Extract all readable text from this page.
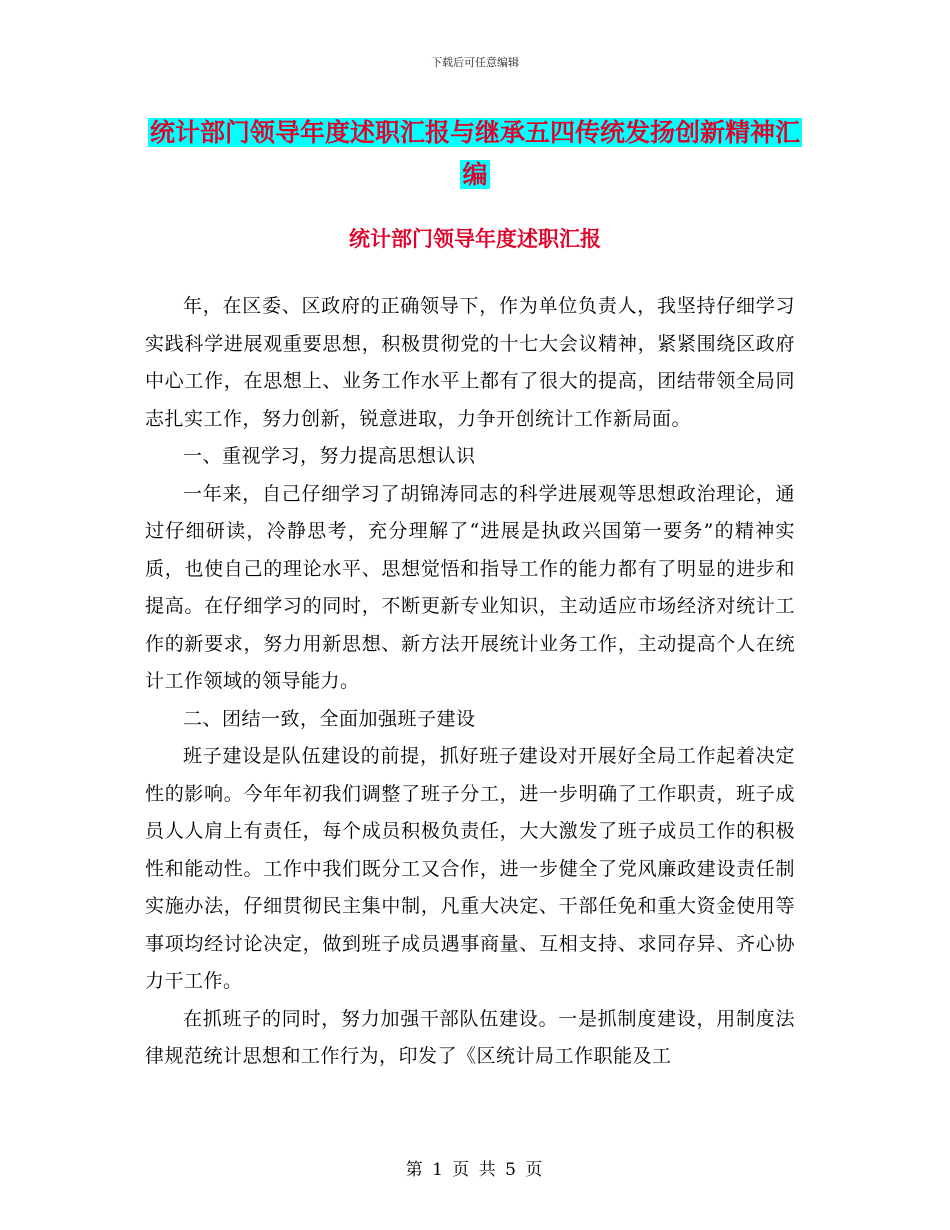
下载后可任意编辑
统计部门领导年度述职汇报与继承五四传统发扬创新精神汇编
统计部门领导年度述职汇报

年，在区委、区政府的正确领导下，作为单位负责人，我坚持仔细学习实践科学进展观重要思想，积极贯彻党的十七大会议精神，紧紧围绕区政府中心工作，在思想上、业务工作水平上都有了很大的提高，团结带领全局同志扎实工作，努力创新，锐意进取，力争开创统计工作新局面。

一、重视学习，努力提高思想认识

一年来，自己仔细学习了胡锦涛同志的科学进展观等思想政治理论，通过仔细研读，冷静思考，充分理解了“进展是执政兴国第一要务”的精神实质，也使自己的理论水平、思想觉悟和指导工作的能力都有了明显的进步和提高。在仔细学习的同时，不断更新专业知识，主动适应市场经济对统计工作的新要求，努力用新思想、新方法开展统计业务工作，主动提高个人在统计工作领域的领导能力。

二、团结一致，全面加强班子建设

班子建设是队伍建设的前提，抓好班子建设对开展好全局工作起着决定性的影响。今年年初我们调整了班子分工，进一步明确了工作职责，班子成员人人肩上有责任，每个成员积极负责任，大大激发了班子成员工作的积极性和能动性。工作中我们既分工又合作，进一步健全了党风廉政建设责任制实施办法，仔细贯彻民主集中制，凡重大决定、干部任免和重大资金使用等事项均经讨论决定，做到班子成员遇事商量、互相支持、求同存异、齐心协力干工作。

在抓班子的同时，努力加强干部队伍建设。一是抓制度建设，用制度法律规范统计思想和工作行为，印发了《区统计局工作职能及工

第 1 页 共 5 页
